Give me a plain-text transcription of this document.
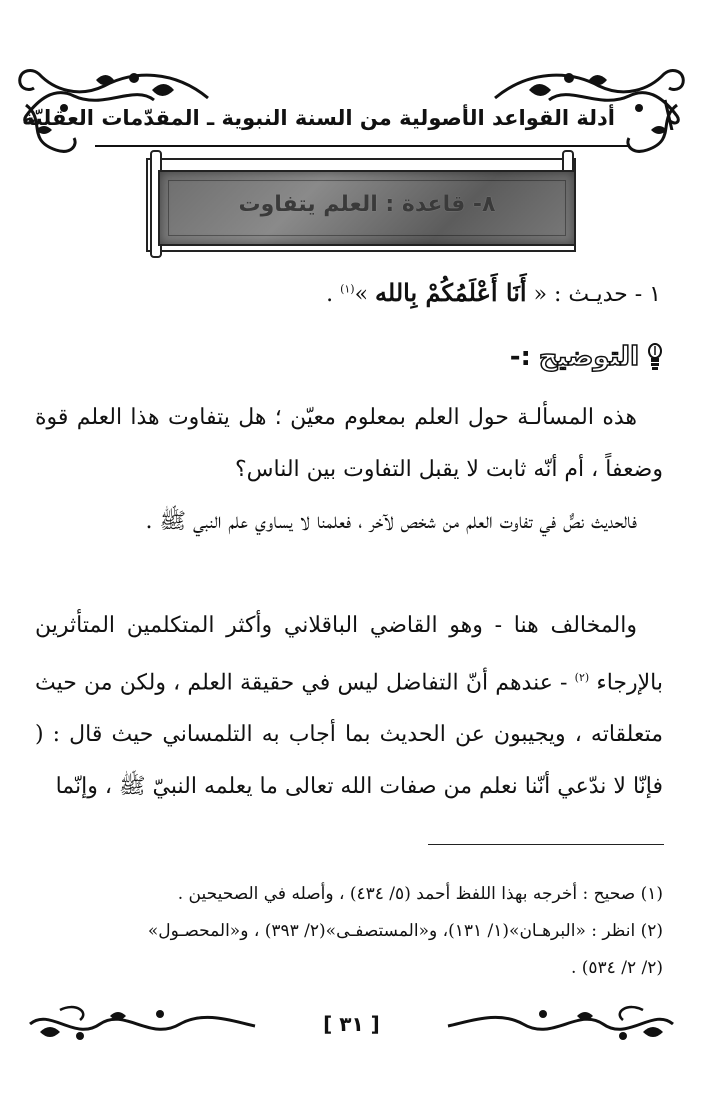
أدلة القواعد الأصولية من السنة النبوية ـ المقدّمات العقليّة
٨- قاعدة : العلم يتفاوت
١ - حديـث : « أَنَا أَعْلَمُكُمْ بِالله »$^{(١)}$ .
التوضيح
:-
هذه المسألـة حول العلم بمعلوم معيّن ؛ هل يتفاوت هذا العلم قوة وضعفاً ، أم أنّه ثابت لا يقبل التفاوت بين الناس؟
فالحديث نصٌّ في تفاوت العلم من شخص لآخر ، فعلمنا لا يساوي علم النبي ﷺ .
والمخالف هنا - وهو القاضي الباقلاني وأكثر المتكلمين المتأثرين بالإرجاء $^{(٢)}$ - عندهم أنّ التفاضل ليس في حقيقة العلم ، ولكن من حيث متعلقاته ، ويجيبون عن الحديث بما أجاب به التلمساني حيث قال : ( فإنّا لا ندّعي أنّنا نعلم من صفات الله تعالى ما يعلمه النبيّ ﷺ ، وإنّما
(١) صحيح : أخرجه بهذا اللفظ أحمد (٥/ ٤٣٤) ، وأصله في الصحيحين .
(٢) انظر : «البرهـان»(١/ ١٣١)، و«المستصفـى»(٢/ ٣٩٣) ، و«المحصـول»
(٢/ ٢/ ٥٣٤) .
[ ٣١ ]
